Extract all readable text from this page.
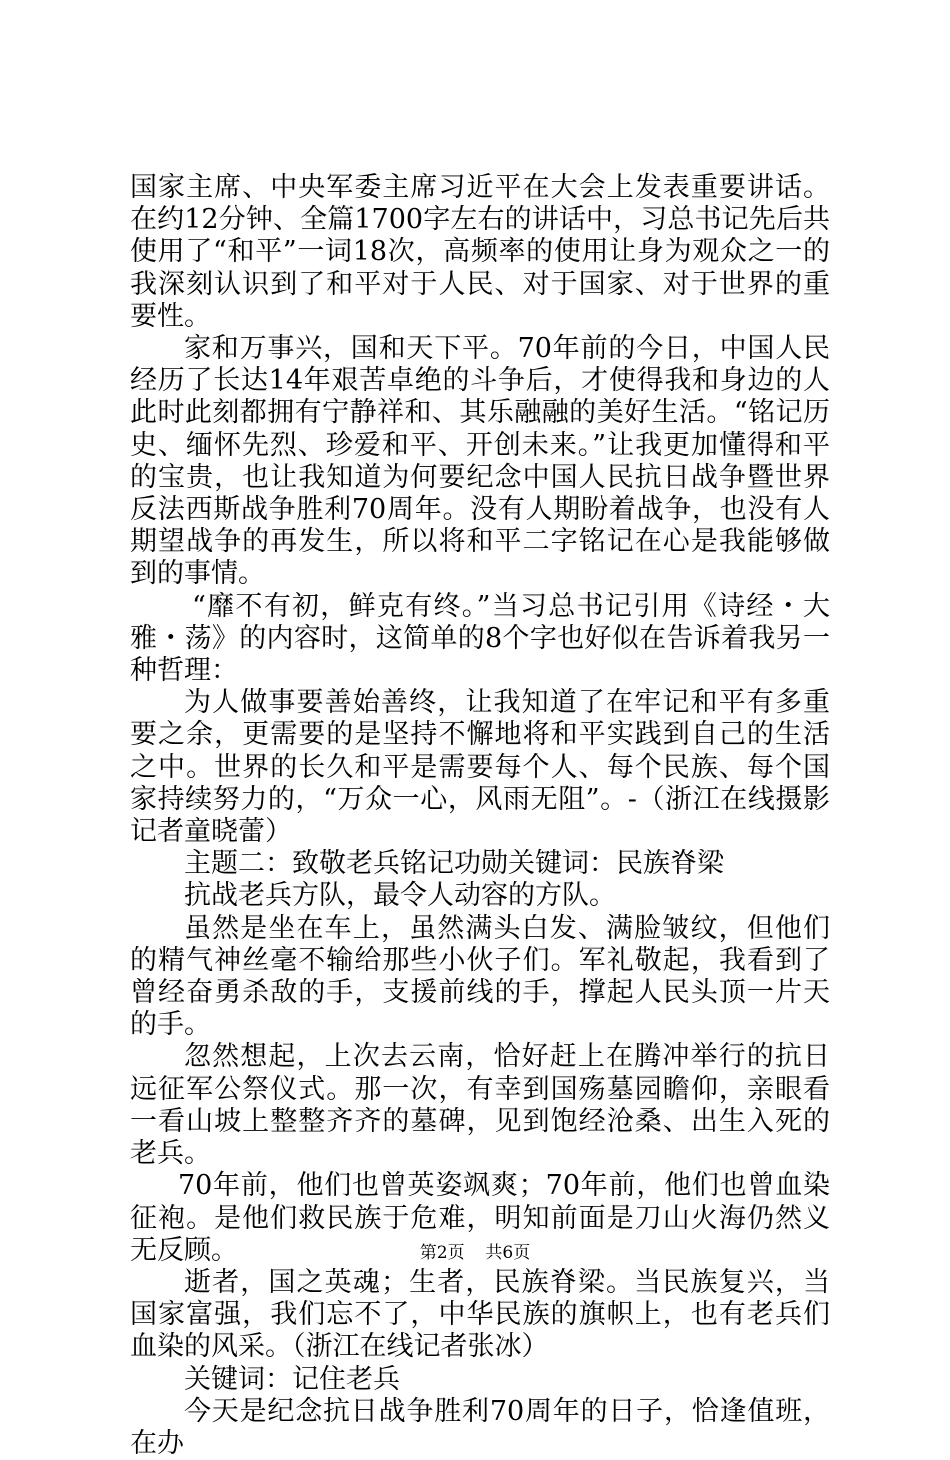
国家主席、中央军委主席习近平在大会上发表重要讲话。在约12分钟、全篇1700字左右的讲话中，习总书记先后共使用了“和平”一词18次，高频率的使用让身为观众之一的我深刻认识到了和平对于人民、对于国家、对于世界的重要性。

家和万事兴，国和天下平。70年前的今日，中国人民经历了长达14年艰苦卓绝的斗争后，才使得我和身边的人此时此刻都拥有宁静祥和、其乐融融的美好生活。“铭记历史、缅怀先烈、珍爱和平、开创未来。”让我更加懂得和平的宝贵，也让我知道为何要纪念中国人民抗日战争暨世界反法西斯战争胜利70周年。没有人期盼着战争，也没有人期望战争的再发生，所以将和平二字铭记在心是我能够做到的事情。

“靡不有初，鲜克有终。”当习总书记引用《诗经・大雅・荡》的内容时，这简单的8个字也好似在告诉着我另一种哲理：

为人做事要善始善终，让我知道了在牢记和平有多重要之余，更需要的是坚持不懈地将和平实践到自己的生活之中。世界的长久和平是需要每个人、每个民族、每个国家持续努力的，“万众一心，风雨无阻”。-（浙江在线摄影记者童晓蕾）

主题二：致敬老兵铭记功勋关键词：民族脊梁

抗战老兵方队，最令人动容的方队。

虽然是坐在车上，虽然满头白发、满脸皱纹，但他们的精气神丝毫不输给那些小伙子们。军礼敬起，我看到了曾经奋勇杀敌的手，支援前线的手，撑起人民头顶一片天的手。

忽然想起，上次去云南，恰好赶上在腾冲举行的抗日远征军公祭仪式。那一次，有幸到国殇墓园瞻仰，亲眼看一看山坡上整整齐齐的墓碑，见到饱经沧桑、出生入死的老兵。

70年前，他们也曾英姿飒爽；70年前，他们也曾血染征袍。是他们救民族于危难，明知前面是刀山火海仍然义无反顾。

逝者，国之英魂；生者，民族脊梁。当民族复兴，当国家富强，我们忘不了，中华民族的旗帜上，也有老兵们血染的风采。（浙江在线记者张冰）

关键词：记住老兵

今天是纪念抗日战争胜利70周年的日子，恰逢值班，在办

第2页 共6页
